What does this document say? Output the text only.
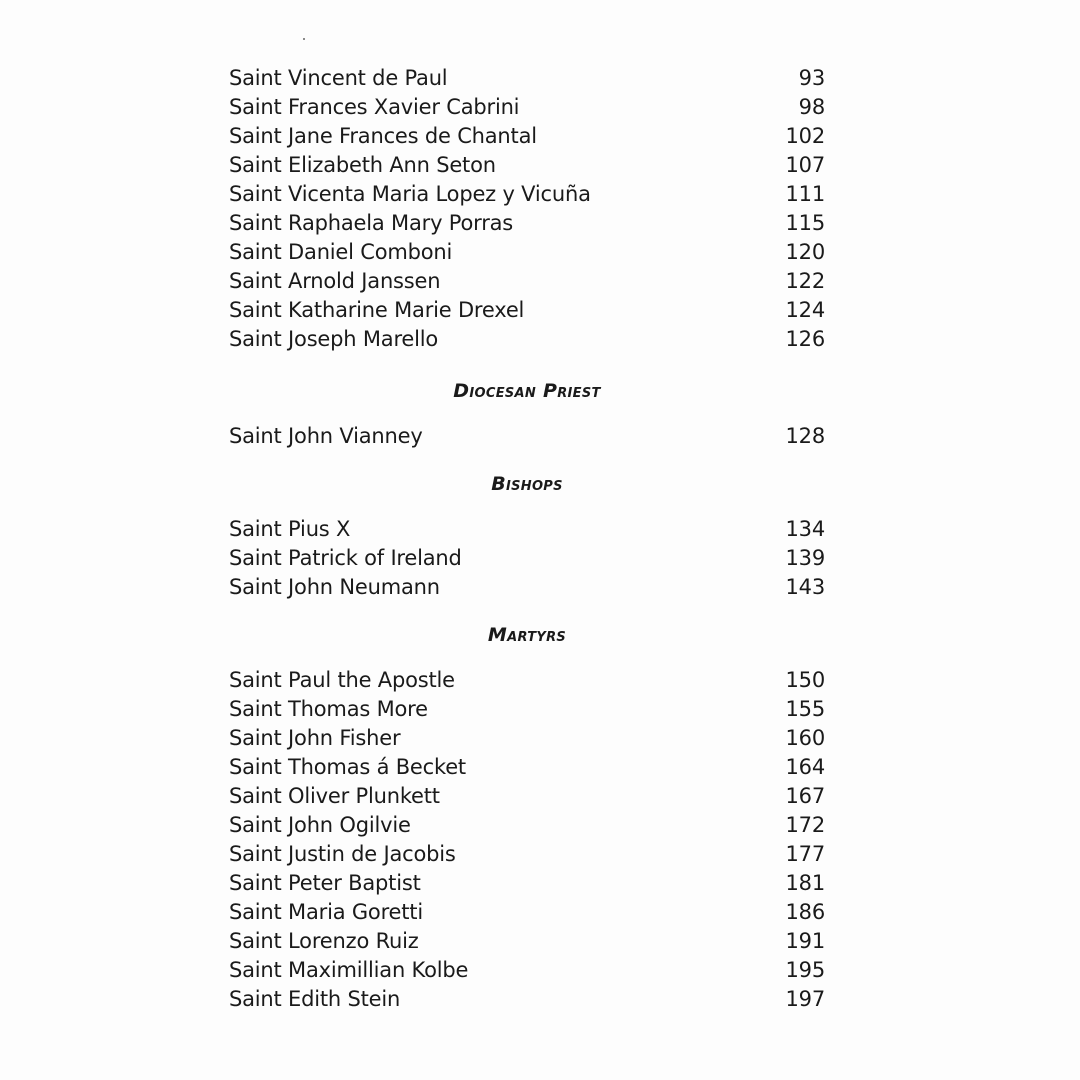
Saint Vincent de Paul	93
Saint Frances Xavier Cabrini	98
Saint Jane Frances de Chantal	102
Saint Elizabeth Ann Seton	107
Saint Vicenta Maria Lopez y Vicuña	111
Saint Raphaela Mary Porras	115
Saint Daniel Comboni	120
Saint Arnold Janssen	122
Saint Katharine Marie Drexel	124
Saint Joseph Marello	126
Diocesan Priest
Saint John Vianney	128
Bishops
Saint Pius X	134
Saint Patrick of Ireland	139
Saint John Neumann	143
Martyrs
Saint Paul the Apostle	150
Saint Thomas More	155
Saint John Fisher	160
Saint Thomas á Becket	164
Saint Oliver Plunkett	167
Saint John Ogilvie	172
Saint Justin de Jacobis	177
Saint Peter Baptist	181
Saint Maria Goretti	186
Saint Lorenzo Ruiz	191
Saint Maximillian Kolbe	195
Saint Edith Stein	197
